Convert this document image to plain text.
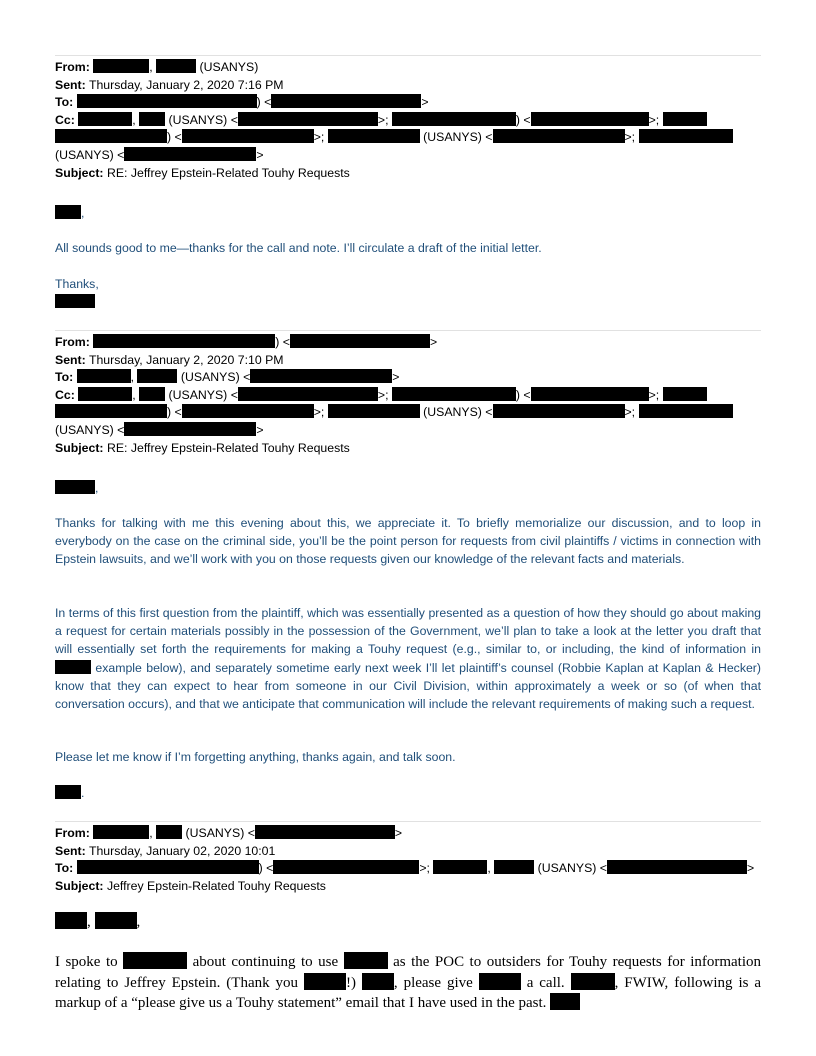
From:	,	(USANYS)
Sent: Thursday, January 2, 2020 7:16 PM
To:	) <	>
Cc:	,  (USANYS) <	>;	) <	>;
) <	>;	(USANYS) <	>;
(USANYS) <	>
Subject: RE: Jeffrey Epstein-Related Touhy Requests

,

All sounds good to me—thanks for the call and note. I’ll circulate a draft of the initial letter.

Thanks,

From:	) <	>
Sent: Thursday, January 2, 2020 7:10 PM
To:	,	(USANYS) <	>
Cc:	,  (USANYS) <	>;	) <	>;
) <	>;	(USANYS) <	>;
(USANYS) <	>
Subject: RE: Jeffrey Epstein-Related Touhy Requests

,

Thanks for talking with me this evening about this, we appreciate it. To briefly memorialize our discussion, and to loop in everybody on the case on the criminal side, you’ll be the point person for requests from civil plaintiffs / victims in connection with Epstein lawsuits, and we’ll work with you on those requests given our knowledge of the relevant facts and materials.

In terms of this first question from the plaintiff, which was essentially presented as a question of how they should go about making a request for certain materials possibly in the possession of the Government, we’ll plan to take a look at the letter you draft that will essentially set forth the requirements for making a Touhy request (e.g., similar to, or including, the kind of information in  example below), and separately sometime early next week I’ll let plaintiff’s counsel (Robbie Kaplan at Kaplan & Hecker) know that they can expect to hear from someone in our Civil Division, within approximately a week or so (of when that conversation occurs), and that we anticipate that communication will include the relevant requirements of making such a request.

Please let me know if I’m forgetting anything, thanks again, and talk soon.

.

From:	,  (USANYS) <	>
Sent: Thursday, January 02, 2020 10:01
To:	) <	>;	,	(USANYS) <	>
Subject: Jeffrey Epstein-Related Touhy Requests
,	,
I spoke to	about continuing to use	as the POC to outsiders for Touhy requests for information relating to Jeffrey Epstein. (Thank you	!)	, please give	a call.	, FWIW, following is a markup of a “please give us a Touhy statement” email that I have used in the past.
